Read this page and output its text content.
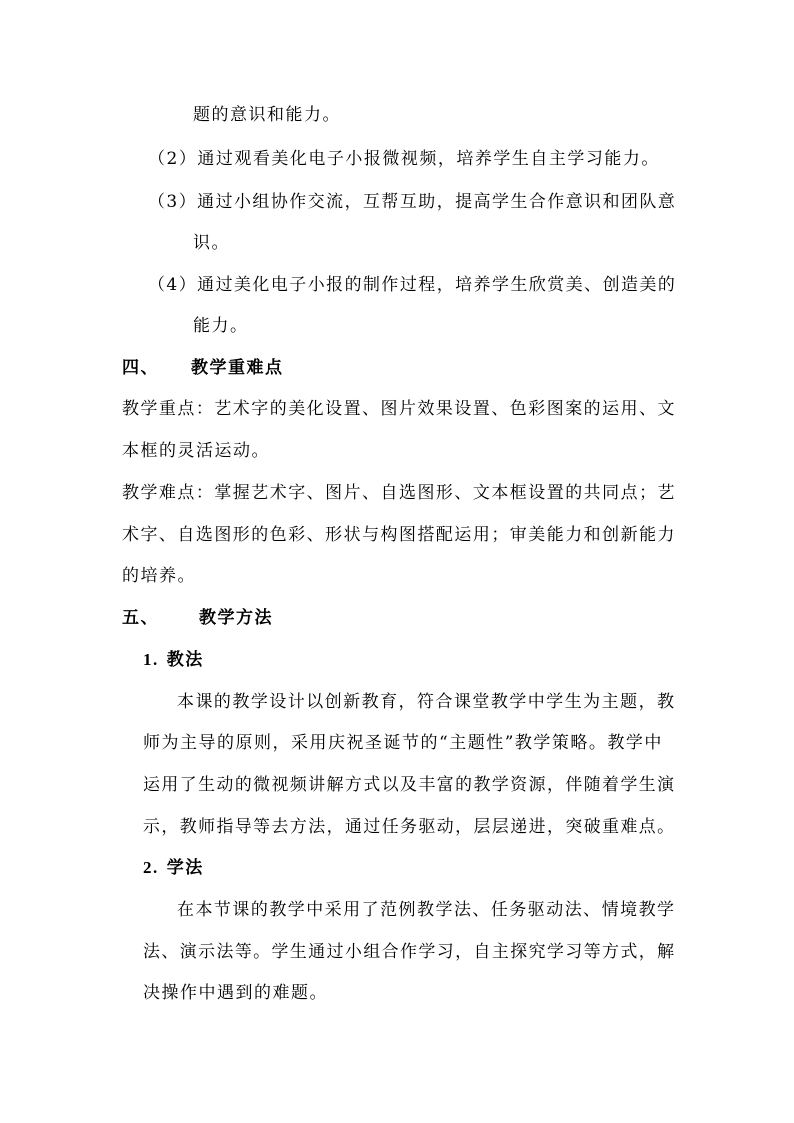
题的意识和能力。
（2）通过观看美化电子小报微视频，培养学生自主学习能力。
（3）通过小组协作交流，互帮互助，提高学生合作意识和团队意
识。
（4）通过美化电子小报的制作过程，培养学生欣赏美、创造美的
能力。
四、 教学重难点
教学重点：艺术字的美化设置、图片效果设置、色彩图案的运用、文
本框的灵活运动。
教学难点：掌握艺术字、图片、自选图形、文本框设置的共同点；艺
术字、自选图形的色彩、形状与构图搭配运用；审美能力和创新能力
的培养。
五、 教学方法
1. 教法
本课的教学设计以创新教育，符合课堂教学中学生为主题，教
师为主导的原则，采用庆祝圣诞节的“主题性”教学策略。教学中
运用了生动的微视频讲解方式以及丰富的教学资源，伴随着学生演
示，教师指导等去方法，通过任务驱动，层层递进，突破重难点。
2. 学法
在本节课的教学中采用了范例教学法、任务驱动法、情境教学
法、演示法等。学生通过小组合作学习，自主探究学习等方式，解
决操作中遇到的难题。
